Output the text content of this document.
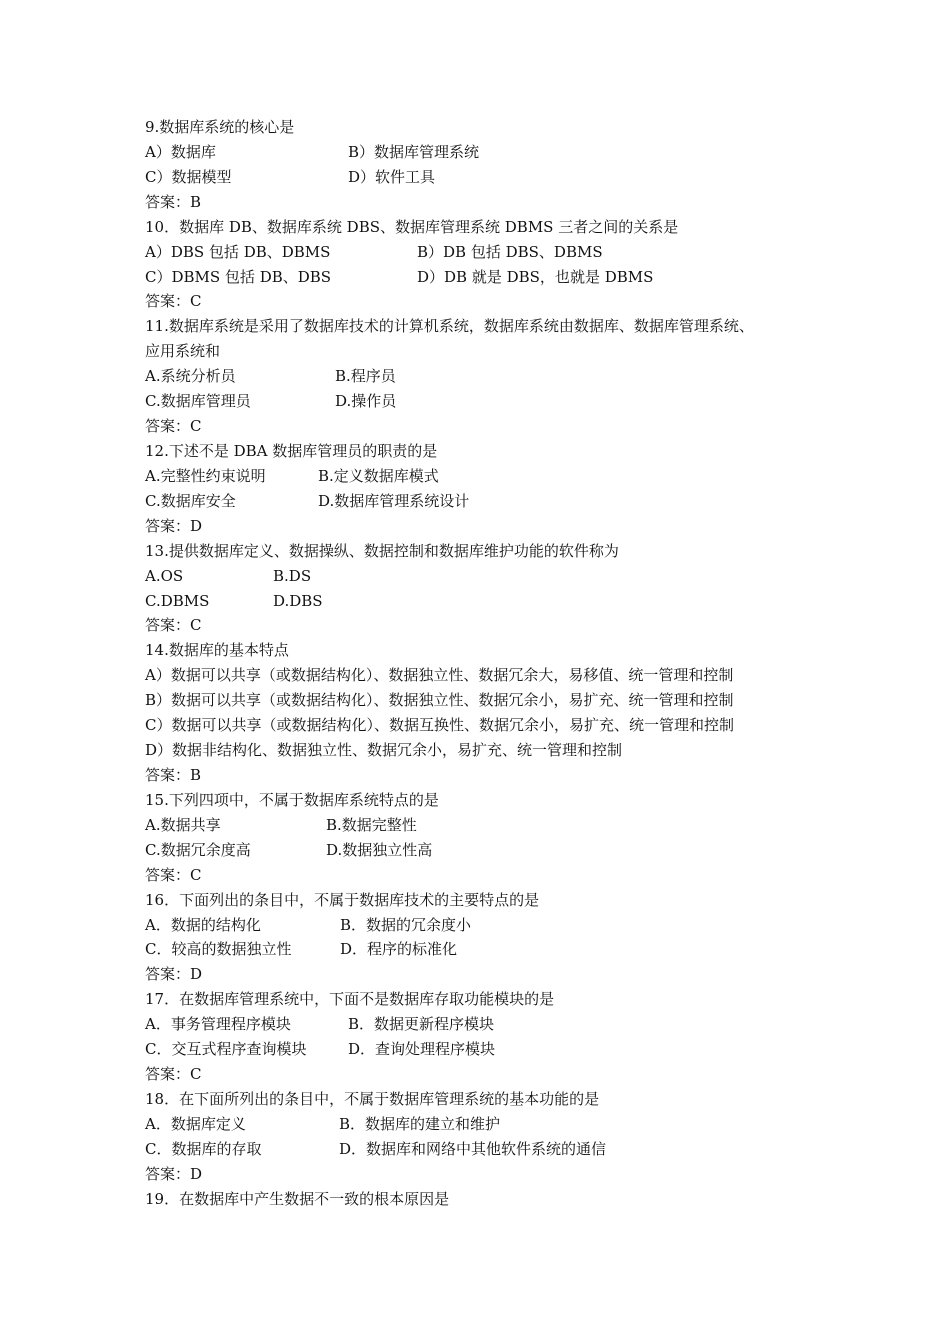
9.数据库系统的核心是
A）数据库	B）数据库管理系统
C）数据模型	D）软件工具
答案：B
10．数据库 DB、数据库系统 DBS、数据库管理系统 DBMS 三者之间的关系是
A）DBS 包括 DB、DBMS	B）DB 包括 DBS、DBMS
C）DBMS 包括 DB、DBS	D）DB 就是 DBS，也就是 DBMS
答案：C
11.数据库系统是采用了数据库技术的计算机系统，数据库系统由数据库、数据库管理系统、
应用系统和
A.系统分析员	B.程序员
C.数据库管理员	D.操作员
答案：C
12.下述不是 DBA 数据库管理员的职责的是
A.完整性约束说明	B.定义数据库模式
C.数据库安全	D.数据库管理系统设计
答案：D
13.提供数据库定义、数据操纵、数据控制和数据库维护功能的软件称为
A.OS	B.DS
C.DBMS	D.DBS
答案：C
14.数据库的基本特点
A）数据可以共享（或数据结构化）、数据独立性、数据冗余大，易移值、统一管理和控制
B）数据可以共享（或数据结构化）、数据独立性、数据冗余小，易扩充、统一管理和控制
C）数据可以共享（或数据结构化）、数据互换性、数据冗余小，易扩充、统一管理和控制
D）数据非结构化、数据独立性、数据冗余小，易扩充、统一管理和控制
答案：B
15.下列四项中，不属于数据库系统特点的是
A.数据共享	B.数据完整性
C.数据冗余度高	D.数据独立性高
答案：C
16．下面列出的条目中，不属于数据库技术的主要特点的是
A．数据的结构化	B．数据的冗余度小
C．较高的数据独立性	D．程序的标准化
答案：D
17．在数据库管理系统中，下面不是数据库存取功能模块的是
A．事务管理程序模块	B．数据更新程序模块
C．交互式程序查询模块	D．查询处理程序模块
答案：C
18．在下面所列出的条目中，不属于数据库管理系统的基本功能的是
A．数据库定义	B．数据库的建立和维护
C．数据库的存取	D．数据库和网络中其他软件系统的通信
答案：D
19．在数据库中产生数据不一致的根本原因是
